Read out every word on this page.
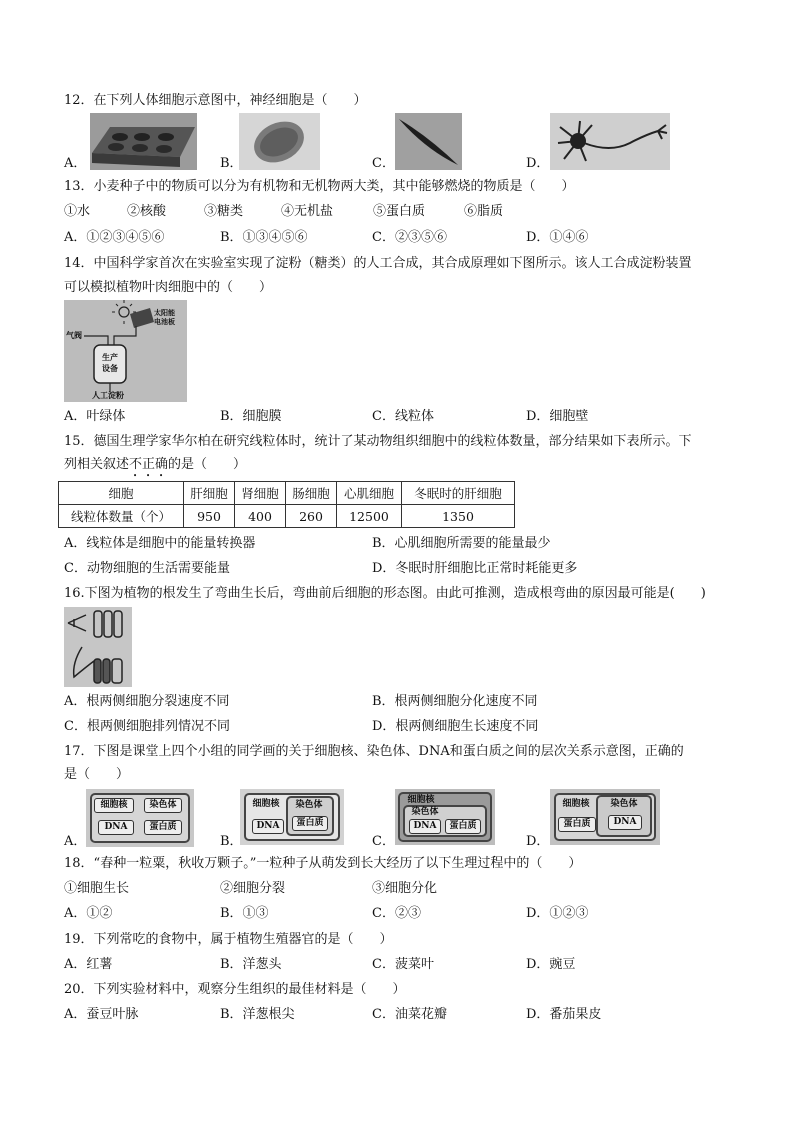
12．在下列人体细胞示意图中，神经细胞是（　　）
A．	B．	C．	D．
13．小麦种子中的物质可以分为有机物和无机物两大类，其中能够燃烧的物质是（　　）
①水	②核酸	③糖类	④无机盐	⑤蛋白质	⑥脂质
A．①②③④⑤⑥	B．①③④⑤⑥	C．②③⑤⑥	D．①④⑥
14．中国科学家首次在实验室实现了淀粉（糖类）的人工合成，其合成原理如下图所示。该人工合成淀粉装置
可以模拟植物叶肉细胞中的（　　）
气阀
太阳能
电池板
生产
设备
人工淀粉
A．叶绿体	B．细胞膜	C．线粒体	D．细胞壁
15．德国生理学家华尔柏在研究线粒体时，统计了某动物组织细胞中的线粒体数量，部分结果如下表所示。下
列相关叙述不正确的是（　　）
细胞	肝细胞	肾细胞	肠细胞	心肌细胞	冬眠时的肝细胞
线粒体数量（个）	950	400	260	12500	1350
A．线粒体是细胞中的能量转换器	B．心肌细胞所需要的能量最少
C．动物细胞的生活需要能量	D．冬眠时肝细胞比正常时耗能更多
16.下图为植物的根发生了弯曲生长后，弯曲前后细胞的形态图。由此可推测，造成根弯曲的原因最可能是(　　)
A．根两侧细胞分裂速度不同	B．根两侧细胞分化速度不同
C．根两侧细胞排列情况不同	D．根两侧细胞生长速度不同
17．下图是课堂上四个小组的同学画的关于细胞核、染色体、DNA和蛋白质之间的层次关系示意图，正确的
是（　　）
细胞核	染色体
DNA	蛋白质
A．
细胞核	染色体
DNA	蛋白质
B．
细胞核
染色体
DNA	蛋白质
C．
细胞核	染色体
蛋白质	DNA
D．
18．“春种一粒粟，秋收万颗子。”一粒种子从萌发到长大经历了以下生理过程中的（　　）
①细胞生长	②细胞分裂	③细胞分化
A．①②	B．①③	C．②③	D．①②③
19．下列常吃的食物中，属于植物生殖器官的是（　　）
A．红薯	B．洋葱头	C．菠菜叶	D．豌豆
20．下列实验材料中，观察分生组织的最佳材料是（　　）
A．蚕豆叶脉	B．洋葱根尖	C．油菜花瓣	D．番茄果皮
